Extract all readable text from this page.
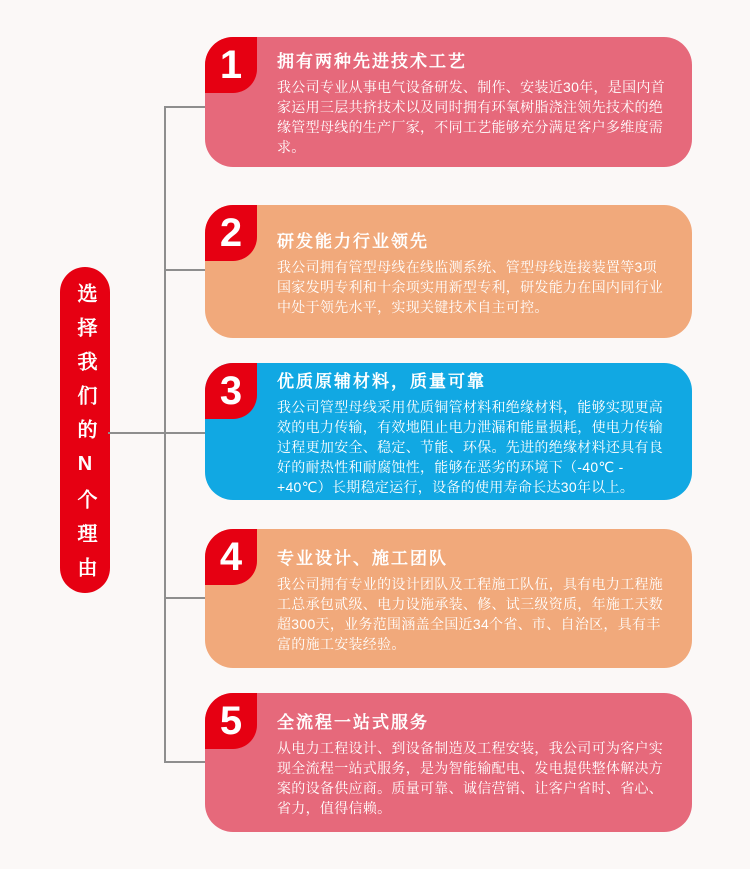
选择我们的N个理由
1	拥有两种先进技术工艺
我公司专业从事电气设备研发、制作、安装近30年，是国内首家运用三层共挤技术以及同时拥有环氧树脂浇注领先技术的绝缘管型母线的生产厂家，不同工艺能够充分满足客户多维度需求。
2	研发能力行业领先
我公司拥有管型母线在线监测系统、管型母线连接装置等3项国家发明专利和十余项实用新型专利，研发能力在国内同行业中处于领先水平，实现关键技术自主可控。
3	优质原辅材料，质量可靠
我公司管型母线采用优质铜管材料和绝缘材料，能够实现更高效的电力传输，有效地阻止电力泄漏和能量损耗，使电力传输过程更加安全、稳定、节能、环保。先进的绝缘材料还具有良好的耐热性和耐腐蚀性，能够在恶劣的环境下（-40℃ - +40℃）长期稳定运行，设备的使用寿命长达30年以上。
4	专业设计、施工团队
我公司拥有专业的设计团队及工程施工队伍，具有电力工程施工总承包贰级、电力设施承装、修、试三级资质，年施工天数超300天，业务范围涵盖全国近34个省、市、自治区，具有丰富的施工安装经验。
5	全流程一站式服务
从电力工程设计、到设备制造及工程安装，我公司可为客户实现全流程一站式服务，是为智能输配电、发电提供整体解决方案的设备供应商。质量可靠、诚信营销、让客户省时、省心、省力，值得信赖。
